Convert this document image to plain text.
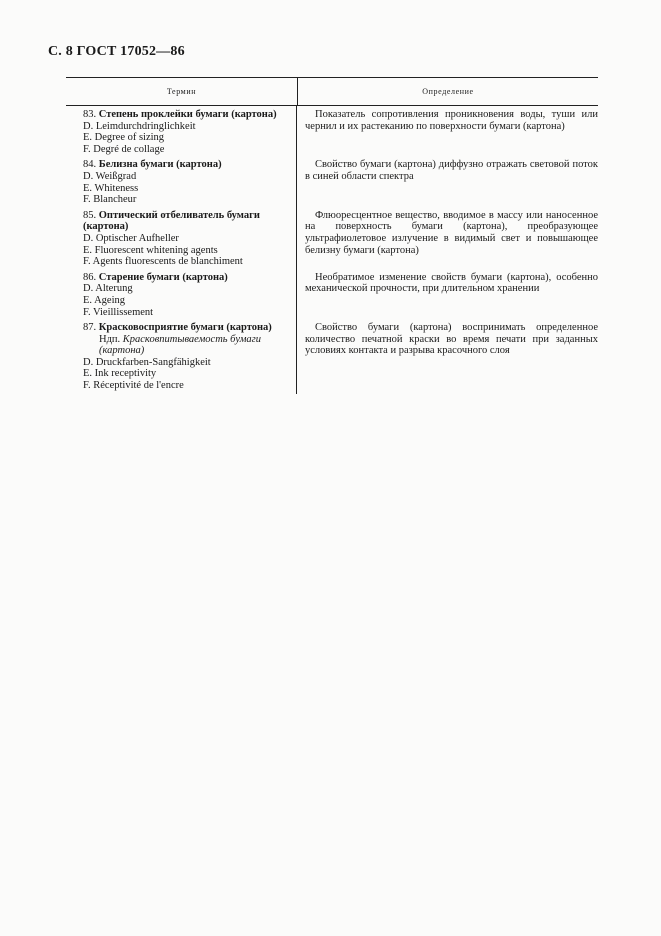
С. 8 ГОСТ 17052—86
Термин	Определение
83. Степень проклейки бумаги (картона)
D. Leimdurchdringlichkeit
E. Degree of sizing
F. Degré de collage
84. Белизна бумаги (картона)
D. Weißgrad
E. Whiteness
F. Blancheur
85. Оптический отбеливатель бумаги (картона)
D. Optischer Aufheller
E. Fluorescent whitening agents
F. Agents fluorescents de blanchiment
86. Старение бумаги (картона)
D. Alterung
E. Ageing
F. Vieillissement
87. Красковосприятие бумаги (картона)
Ндп. Красковпитываемость бумаги (картона)
D. Druckfarben-Sangfähigkeit
E. Ink receptivity
F. Réceptivité de l'encre
Показатель сопротивления проникновения воды, туши или чернил и их растеканию по поверхности бумаги (картона)
Свойство бумаги (картона) диффузно отражать световой поток в синей области спектра
Флюоресцентное вещество, вводимое в массу или наносенное на поверхность бумаги (картона), преобразующее ультрафиолетовое излучение в видимый свет и повышающее белизну бумаги (картона)
Необратимое изменение свойств бумаги (картона), особенно механической прочности, при длительном хранении
Свойство бумаги (картона) воспринимать определенное количество печатной краски во время печати при заданных условиях контакта и разрыва красочного слоя
